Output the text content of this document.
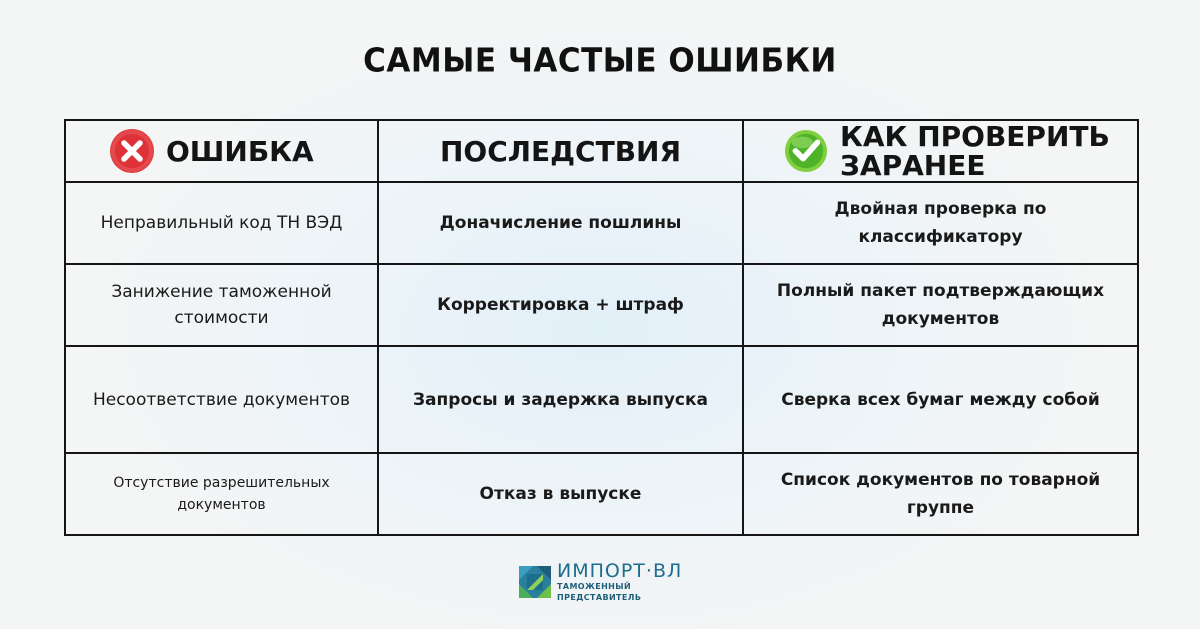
САМЫЕ ЧАСТЫЕ ОШИБКИ
ОШИБКА	ПОСЛЕДСТВИЯ	КАК ПРОВЕРИТЬ
ЗАРАНЕЕ

Неправильный код ТН ВЭД	Доначисление пошлины	Двойная проверка по классификатору

Занижение таможенной стоимости	Корректировка + штраф	Полный пакет подтверждающих документов

Несоответствие документов	Запросы и задержка выпуска	Сверка всех бумаг между собой

Отсутствие разрешительных документов	Отказ в выпуске	Список документов по товарной группе
ИМПОРТ·ВЛ
ТАМОЖЕННЫЙ ПРЕДСТАВИТЕЛЬ
